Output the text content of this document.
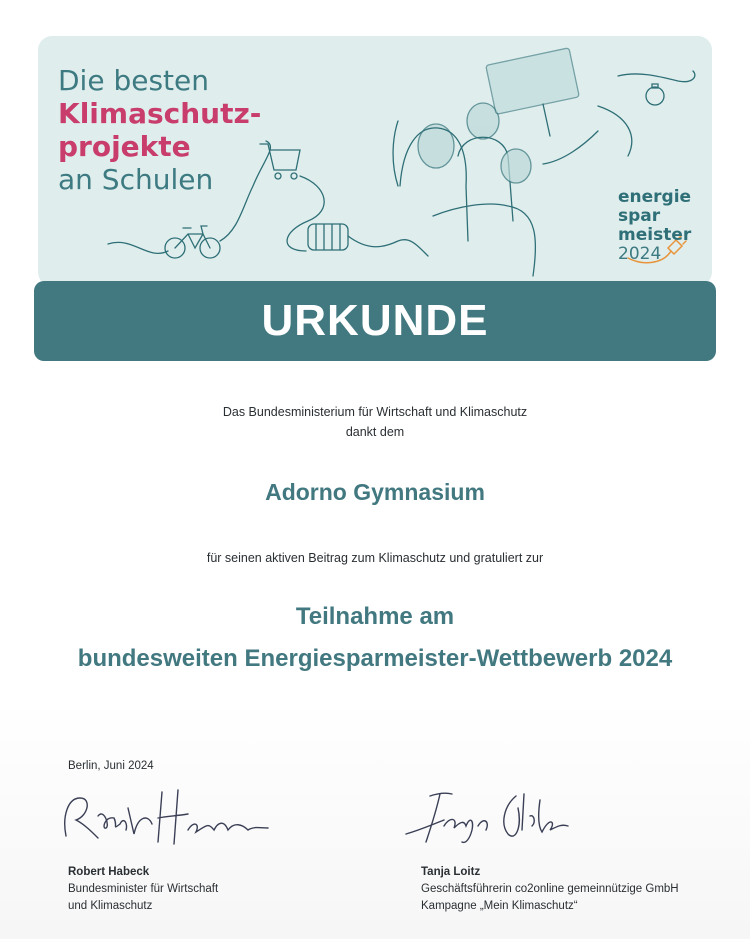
Die besten
Klimaschutz-
projekte
an Schulen
energie
spar
meister
2024
URKUNDE
Das Bundesministerium für Wirtschaft und Klimaschutz
dankt dem
Adorno Gymnasium
für seinen aktiven Beitrag zum Klimaschutz und gratuliert zur
Teilnahme am
bundesweiten Energiesparmeister-Wettbewerb 2024
Berlin, Juni 2024
Robert Habeck
Bundesminister für Wirtschaft
und Klimaschutz
Tanja Loitz
Geschäftsführerin co2online gemeinnützige GmbH
Kampagne „Mein Klimaschutz“
